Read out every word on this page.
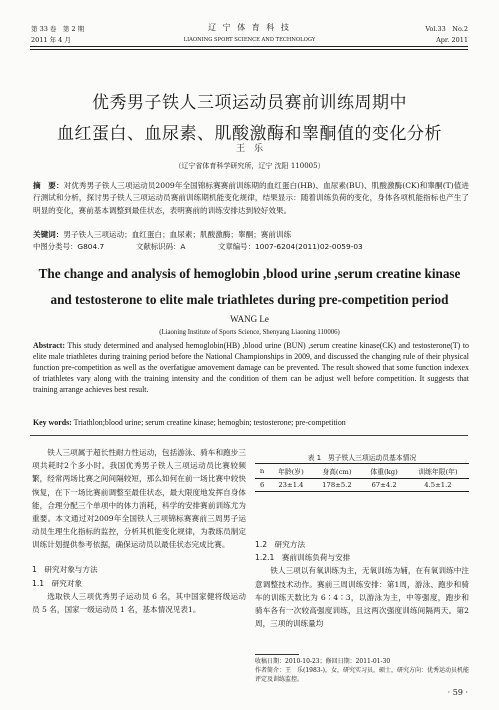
第 33 卷　第 2 期
2011 年 4 月
辽 宁 体 育 科 技
LIAONING SPORT SCIENCE AND TECHNOLOGY
Vol.33　No.2
Apr. 2011
优秀男子铁人三项运动员赛前训练周期中
血红蛋白、血尿素、肌酸激酶和睾酮值的变化分析
王　乐
（辽宁省体育科学研究所，辽宁 沈阳 110005）
摘　要：对优秀男子铁人三项运动员2009年全国锦标赛赛前训练期的血红蛋白(HB)、血尿素(BU)、肌酸激酶(CK)和睾酮(T)值进行测试和分析，探讨男子铁人三项运动员赛前训练期机能变化规律，结果显示：随着训练负荷的变化，身体各项机能指标也产生了明显的变化，赛前基本调整到最佳状态，表明赛前的训练安排达到较好效果。
关键词：男子铁人三项运动；血红蛋白；血尿素；肌酸激酶；睾酮；赛前训练
中图分类号：G804.7	文献标识码：A	文章编号：1007-6204(2011)02-0059-03
The change and analysis of hemoglobin ,blood urine ,serum creatine kinase
and testosterone to elite male triathletes during pre-competition period
WANG Le
(Liaoning Institute of Sports Science, Shenyang Liaoning 110006)
Abstract: This study determined and analysed hemoglobin(HB) ,blood urine (BUN) ,serum creatine kinase(CK) and testosterone(T) to elite male triathletes during training period before the National Championships in 2009, and discussed the changing rule of their physical function pre-competition as well as the overfatigue amovement damage can be prevented. The result showed that some function indexex of triathletes vary along with the training intensity and the condition of them can be adjust well before competition. It suggests that training arrange achieves best result.
Key words: Triathlon;blood urine; serum creatine kinase; hemogbin; testosterone; pre-competition

铁人三项属于超长性耐力性运动，包括游泳、骑车和跑步三项共耗时2个多小时。我国优秀男子铁人三项运动员比赛较频繁，经常两场比赛之间间隔较短，那么如何在前一场比赛中较快恢复，在下一场比赛前调整至最佳状态，最大限度地发挥自身体能，合理分配三个单项中的体力消耗，科学的安排赛前训练尤为重要。本文通过对2009年全国铁人三项锦标赛赛前三周男子运动员生理生化指标的监控，分析其机能变化规律，为教练员制定训练计划提供参考依据，确保运动员以最佳状态完成比赛。

1　研究对象与方法
1.1　研究对象

选取铁人三项优秀男子运动员 6 名，其中国家健将级运动员 5 名，国家一级运动员 1 名，基本情况见表1。

表 1　男子铁人三项运动员基本情况
n	年龄(岁)	身高(cm)	体重(kg)	训练年限(年)
6	23±1.4	178±5.2	67±4.2	4.5±1.2
1.2　研究方法
1.2.1　赛前训练负荷与安排

铁人三项以有氧训练为主，无氧训练为辅，在有氧训练中注意调整技术动作。赛前三周训练安排：第1周，游泳、跑步和骑车的训练天数比为 6∶4∶3，以游泳为主，中等强度，跑步和骑车各有一次较高强度训练，且这两次强度训练间隔两天。第2周，三项的训练量均

收稿日期：2010-10-23；修回日期：2011-01-30
作者简介：王　乐(1983-)，女，研究实习员，硕士，研究方向：优秀运动员机能评定及训练监控。
· 59 ·
